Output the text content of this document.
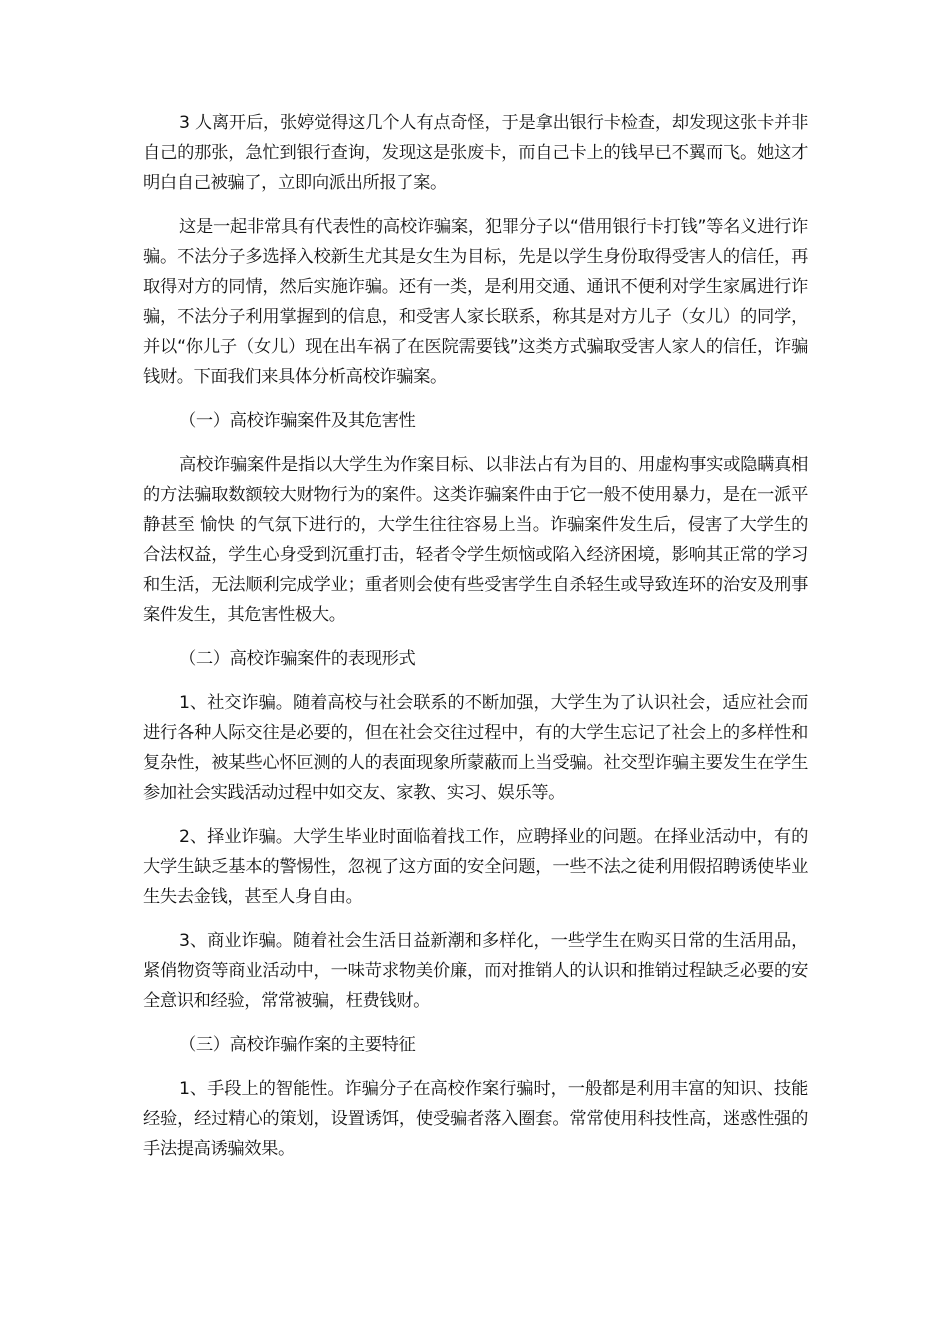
3 人离开后，张婷觉得这几个人有点奇怪，于是拿出银行卡检查，却发现这张卡并非自己的那张，急忙到银行查询，发现这是张废卡，而自己卡上的钱早已不翼而飞。她这才明白自己被骗了，立即向派出所报了案。

这是一起非常具有代表性的高校诈骗案，犯罪分子以“借用银行卡打钱”等名义进行诈骗。不法分子多选择入校新生尤其是女生为目标，先是以学生身份取得受害人的信任，再取得对方的同情，然后实施诈骗。还有一类，是利用交通、通讯不便利对学生家属进行诈骗，不法分子利用掌握到的信息，和受害人家长联系，称其是对方儿子（女儿）的同学，并以“你儿子（女儿）现在出车祸了在医院需要钱”这类方式骗取受害人家人的信任，诈骗钱财。下面我们来具体分析高校诈骗案。

（一）高校诈骗案件及其危害性

高校诈骗案件是指以大学生为作案目标、以非法占有为目的、用虚构事实或隐瞒真相的方法骗取数额较大财物行为的案件。这类诈骗案件由于它一般不使用暴力，是在一派平静甚至 愉快 的气氛下进行的，大学生往往容易上当。诈骗案件发生后，侵害了大学生的合法权益，学生心身受到沉重打击，轻者令学生烦恼或陷入经济困境，影响其正常的学习和生活，无法顺利完成学业；重者则会使有些受害学生自杀轻生或导致连环的治安及刑事案件发生，其危害性极大。

（二）高校诈骗案件的表现形式

1、社交诈骗。随着高校与社会联系的不断加强，大学生为了认识社会，适应社会而进行各种人际交往是必要的，但在社会交往过程中，有的大学生忘记了社会上的多样性和复杂性，被某些心怀叵测的人的表面现象所蒙蔽而上当受骗。社交型诈骗主要发生在学生参加社会实践活动过程中如交友、家教、实习、娱乐等。

2、择业诈骗。大学生毕业时面临着找工作，应聘择业的问题。在择业活动中，有的大学生缺乏基本的警惕性，忽视了这方面的安全问题，一些不法之徒利用假招聘诱使毕业生失去金钱，甚至人身自由。

3、商业诈骗。随着社会生活日益新潮和多样化，一些学生在购买日常的生活用品，紧俏物资等商业活动中，一味苛求物美价廉，而对推销人的认识和推销过程缺乏必要的安全意识和经验，常常被骗，枉费钱财。

（三）高校诈骗作案的主要特征

1、手段上的智能性。诈骗分子在高校作案行骗时，一般都是利用丰富的知识、技能经验，经过精心的策划，设置诱饵，使受骗者落入圈套。常常使用科技性高，迷惑性强的手法提高诱骗效果。
